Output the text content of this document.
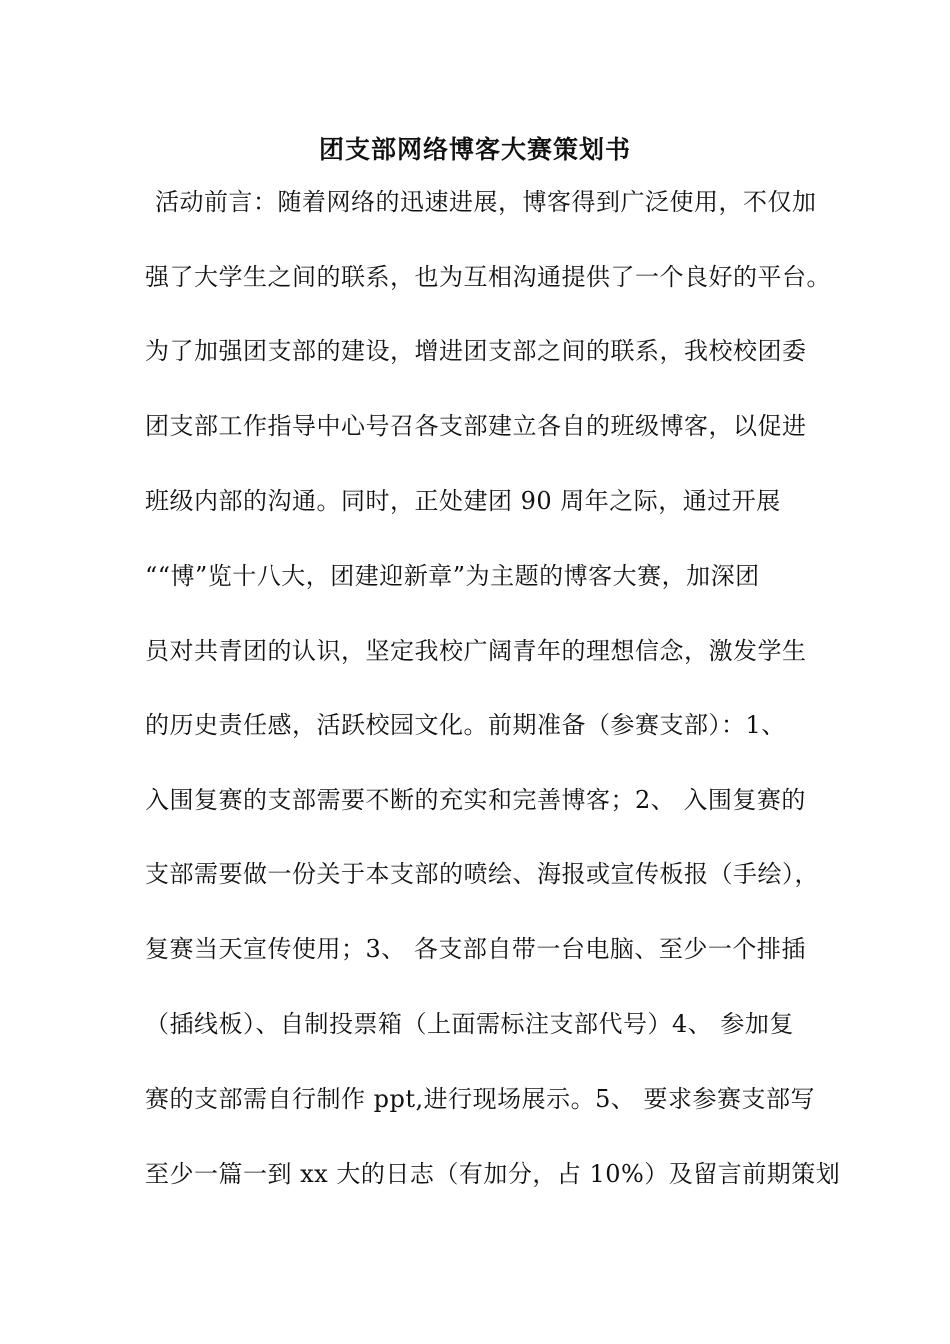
团支部网络博客大赛策划书

活动前言：随着网络的迅速进展，博客得到广泛使用，不仅加

强了大学生之间的联系，也为互相沟通提供了一个良好的平台。

为了加强团支部的建设，增进团支部之间的联系，我校校团委

团支部工作指导中心号召各支部建立各自的班级博客，以促进

班级内部的沟通。同时，正处建团 90 周年之际，通过开展

““博”览十八大，团建迎新章”为主题的博客大赛，加深团

员对共青团的认识，坚定我校广阔青年的理想信念，激发学生

的历史责任感，活跃校园文化。前期准备（参赛支部）：1、

入围复赛的支部需要不断的充实和完善博客；2、 入围复赛的

支部需要做一份关于本支部的喷绘、海报或宣传板报（手绘），

复赛当天宣传使用；3、 各支部自带一台电脑、至少一个排插

（插线板）、自制投票箱（上面需标注支部代号）4、 参加复

赛的支部需自行制作 ppt,进行现场展示。5、 要求参赛支部写

至少一篇一到 xx 大的日志（有加分，占 10%）及留言前期策划
